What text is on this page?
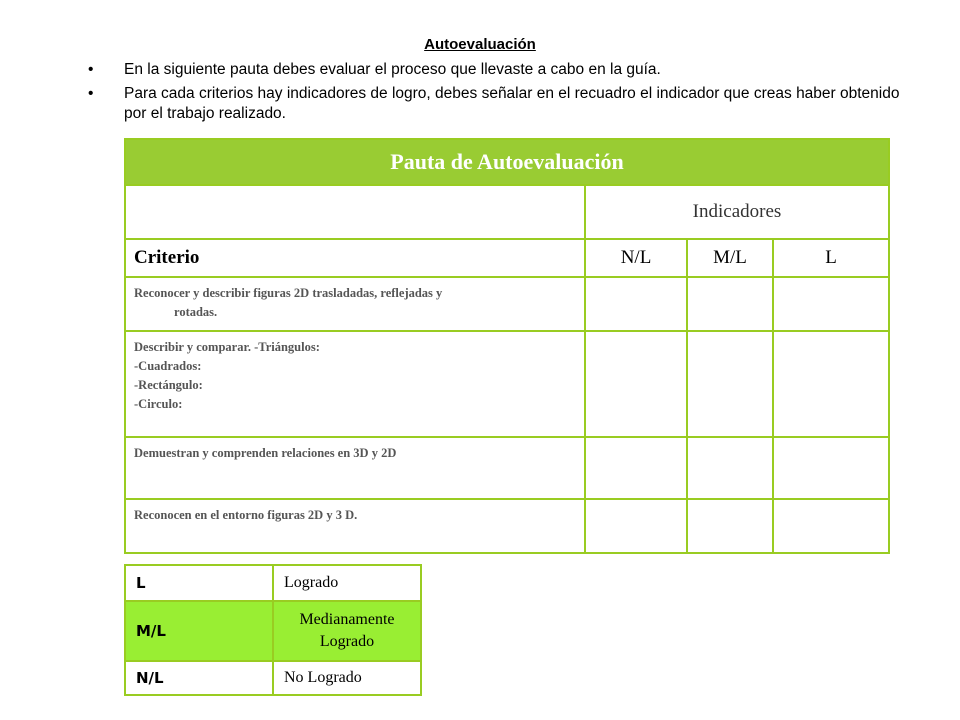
Autoevaluación
• En la siguiente pauta debes evaluar el proceso que llevaste a cabo en la guía.
• Para cada criterios hay indicadores de logro, debes señalar en el recuadro el indicador que creas haber obtenido por el trabajo realizado.
Pauta de Autoevaluación			
	Indicadores		
Criterio	N/L	M/L	L

Reconocer y describir figuras 2D trasladadas, reflejadas y
rotadas.			

Describir y comparar. -Triángulos:
-Cuadrados:
-Rectángulo:
-Circulo:			

Demuestran y comprenden relaciones en 3D y 2D			

Reconocen en el entorno figuras 2D y 3 D.			

L	Logrado
M/L	Medianamente
Logrado

N/L	No Logrado
